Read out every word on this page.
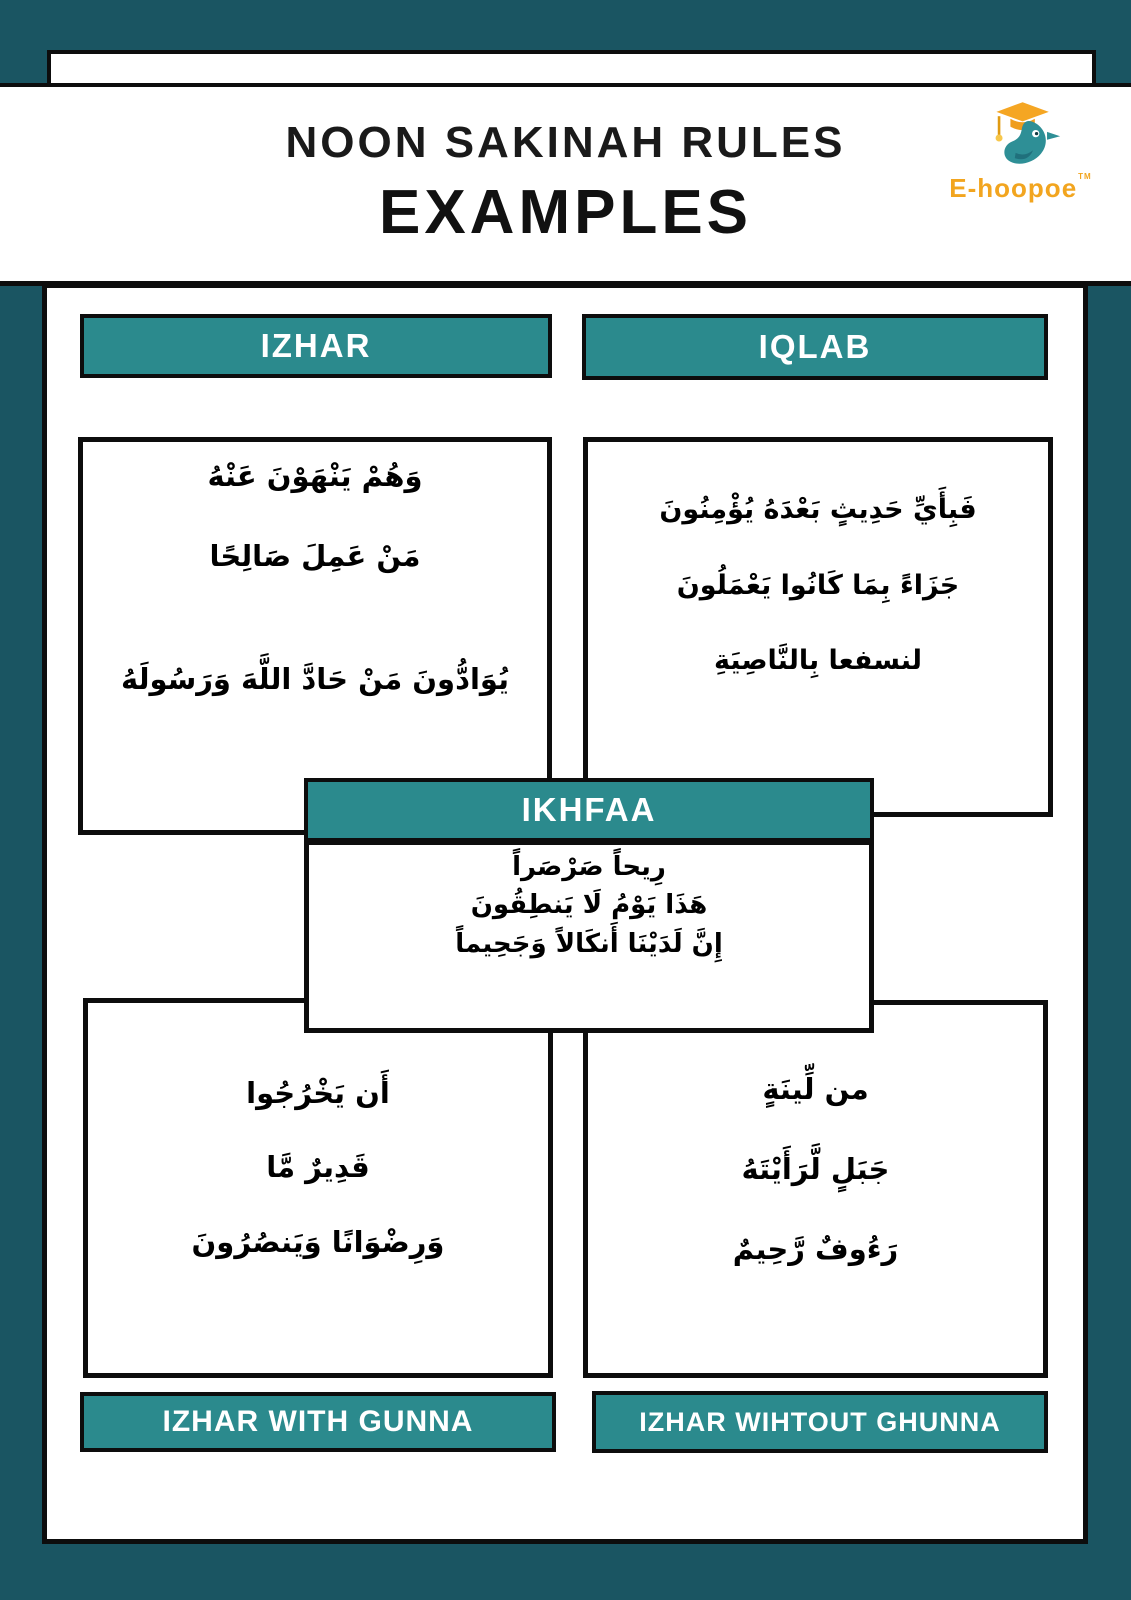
NOON SAKINAH RULES
EXAMPLES	E-hoopoe™
IZHAR	IQLAB
وَهُمْ يَنْهَوْنَ عَنْهُ
مَنْ عَمِلَ صَالِحًا
يُوَادُّونَ مَنْ حَادَّ اللَّهَ وَرَسُولَهُ
فَبِأَيِّ حَدِيثٍ بَعْدَهُ يُؤْمِنُونَ
جَزَاءً بِمَا كَانُوا يَعْمَلُونَ
لنسفعا بِالنَّاصِيَةِ
أَن يَخْرُجُوا
قَدِيرٌ مَّا
وَرِضْوَانًا وَيَنصُرُونَ
من لِّينَةٍ
جَبَلٍ لَّرَأَيْتَهُ
رَءُوفٌ رَّحِيمٌ
IKHFAA
رِيحاً صَرْصَراً
هَذَا يَوْمُ لَا يَنطِقُونَ
إِنَّ لَدَيْنَا أَنكَالاً وَجَحِيماً
IZHAR WITH GUNNA	IZHAR WIHTOUT GHUNNA
